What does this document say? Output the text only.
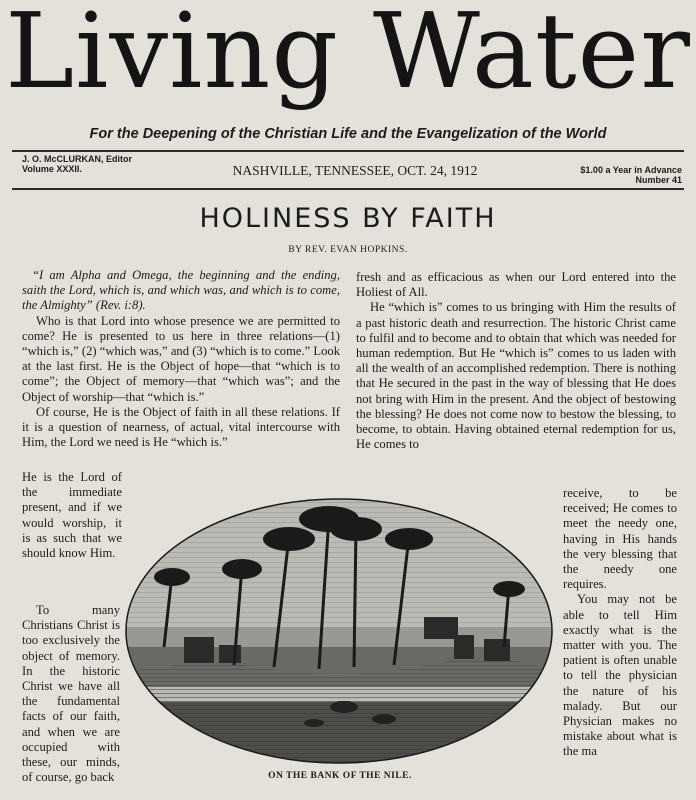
Living Water
For the Deepening of the Christian Life and the Evangelization of the World
J. O. McCLURKAN, Editor
Volume XXXII.	NASHVILLE, TENNESSEE, OCT. 24, 1912	$1.00 a Year in Advance
Number 41
HOLINESS BY FAITH
BY REV. EVAN HOPKINS.

“I am Alpha and Omega, the beginning and the ending, saith the Lord, which is, and which was, and which is to come, the Almighty” (Rev. i:8).

Who is that Lord into whose presence we are permitted to come? He is presented to us here in three relations—(1) “which is,” (2) “which was,” and (3) “which is to come.” Look at the last first. He is the Object of hope—that “which is to come”; the Object of memory—that “which was”; and the Object of worship—that “which is.”

Of course, He is the Object of faith in all these relations. If it is a question of nearness, of actual, vital intercourse with Him, the Lord we need is He “which is.”

He is the Lord of the immediate present, and if we would worship, it is as such that we should know Him.

To many Christians Christ is too exclusively the object of memory. In the historic Christ we have all the fundamental facts of our faith, and when we are occupied with these, our minds, of course, go back

fresh and as efficacious as when our Lord entered into the Holiest of All.

He “which is” comes to us bringing with Him the results of a past historic death and resurrection. The historic Christ came to fulfil and to become and to obtain that which was needed for human redemption. But He “which is” comes to us laden with all the wealth of an accomplished redemption. There is nothing that He secured in the past in the way of blessing that He does not bring with Him in the present. And the object of bestowing the blessing? He does not come now to bestow the blessing, to become, to obtain. Having obtained eternal redemption for us, He comes to

receive, to be received; He comes to meet the needy one, having in His hands the very blessing that the needy one requires.

You may not be able to tell Him exactly what is the matter with you. The patient is often unable to tell the physician the nature of his malady. But our Physician makes no mistake about what is the ma

ON THE BANK OF THE NILE.
